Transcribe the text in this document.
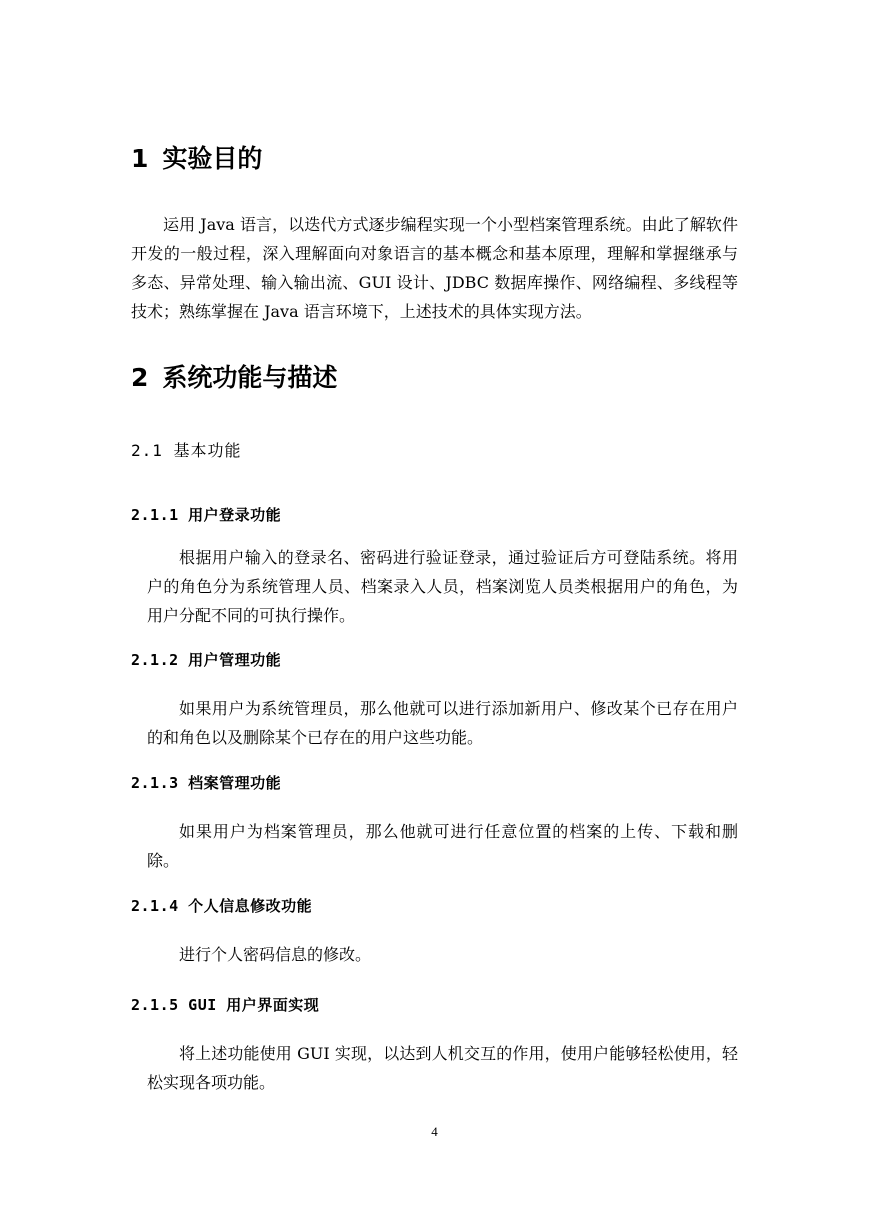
1 实验目的

运用 Java 语言，以迭代方式逐步编程实现一个小型档案管理系统。由此了解软件开发的一般过程，深入理解面向对象语言的基本概念和基本原理，理解和掌握继承与多态、异常处理、输入输出流、GUI 设计、JDBC 数据库操作、网络编程、多线程等技术；熟练掌握在 Java 语言环境下，上述技术的具体实现方法。

2 系统功能与描述
2.1 基本功能
2.1.1 用户登录功能

根据用户输入的登录名、密码进行验证登录，通过验证后方可登陆系统。将用户的角色分为系统管理人员、档案录入人员，档案浏览人员类根据用户的角色，为用户分配不同的可执行操作。

2.1.2 用户管理功能

如果用户为系统管理员，那么他就可以进行添加新用户、修改某个已存在用户的和角色以及删除某个已存在的用户这些功能。

2.1.3 档案管理功能

如果用户为档案管理员，那么他就可进行任意位置的档案的上传、下载和删除。

2.1.4 个人信息修改功能

进行个人密码信息的修改。

2.1.5 GUI 用户界面实现

将上述功能使用 GUI 实现，以达到人机交互的作用，使用户能够轻松使用，轻松实现各项功能。

4
